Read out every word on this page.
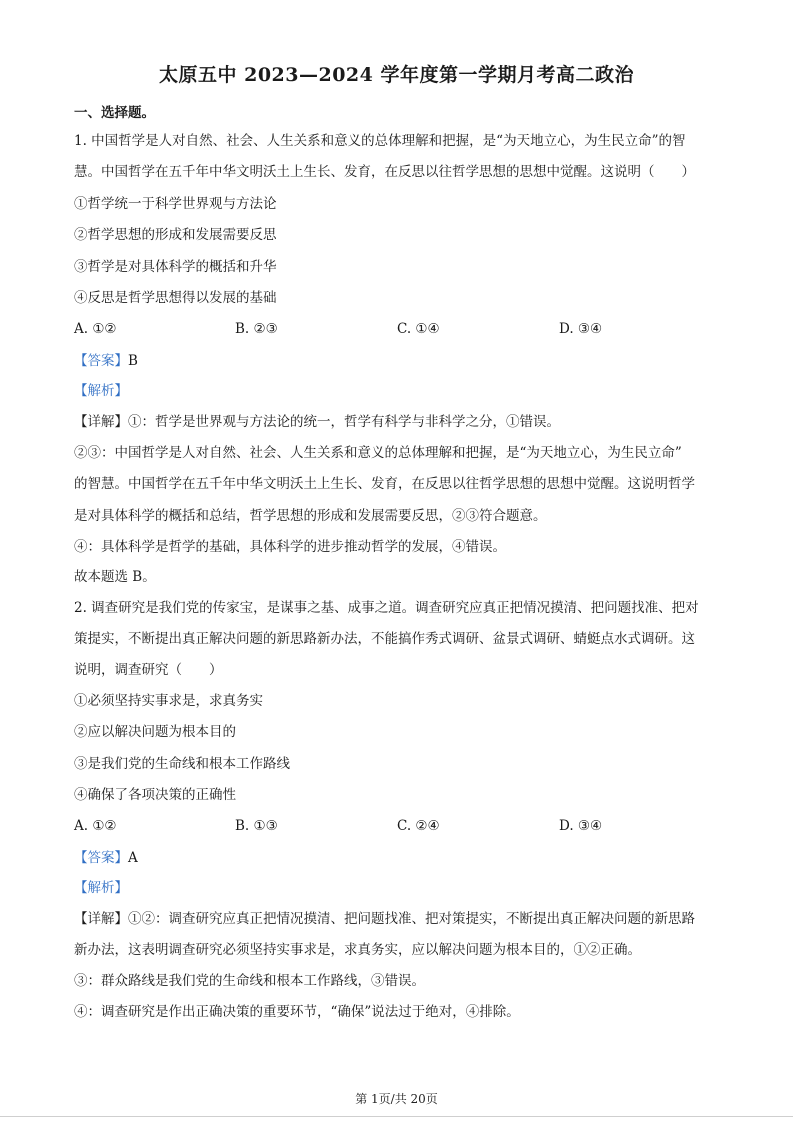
太原五中 2023—2024 学年度第一学期月考高二政治
一、选择题。
1. 中国哲学是人对自然、社会、人生关系和意义的总体理解和把握，是“为天地立心，为生民立命”的智
慧。中国哲学在五千年中华文明沃土上生长、发育，在反思以往哲学思想的思想中觉醒。这说明（　　）
①哲学统一于科学世界观与方法论
②哲学思想的形成和发展需要反思
③哲学是对具体科学的概括和升华
④反思是哲学思想得以发展的基础
A. ①②	B. ②③	C. ①④	D. ③④
【答案】B
【解析】
【详解】①：哲学是世界观与方法论的统一，哲学有科学与非科学之分，①错误。
②③：中国哲学是人对自然、社会、人生关系和意义的总体理解和把握，是“为天地立心，为生民立命”
的智慧。中国哲学在五千年中华文明沃土上生长、发育，在反思以往哲学思想的思想中觉醒。这说明哲学
是对具体科学的概括和总结，哲学思想的形成和发展需要反思，②③符合题意。
④：具体科学是哲学的基础，具体科学的进步推动哲学的发展，④错误。
故本题选 B。
2. 调查研究是我们党的传家宝，是谋事之基、成事之道。调查研究应真正把情况摸清、把问题找准、把对
策提实，不断提出真正解决问题的新思路新办法，不能搞作秀式调研、盆景式调研、蜻蜓点水式调研。这
说明，调查研究（　　）
①必须坚持实事求是，求真务实
②应以解决问题为根本目的
③是我们党的生命线和根本工作路线
④确保了各项决策的正确性
A. ①②	B. ①③	C. ②④	D. ③④
【答案】A
【解析】
【详解】①②：调查研究应真正把情况摸清、把问题找准、把对策提实，不断提出真正解决问题的新思路
新办法，这表明调查研究必须坚持实事求是，求真务实，应以解决问题为根本目的，①②正确。
③：群众路线是我们党的生命线和根本工作路线，③错误。
④：调查研究是作出正确决策的重要环节，“确保”说法过于绝对，④排除。
第 1页/共 20页
